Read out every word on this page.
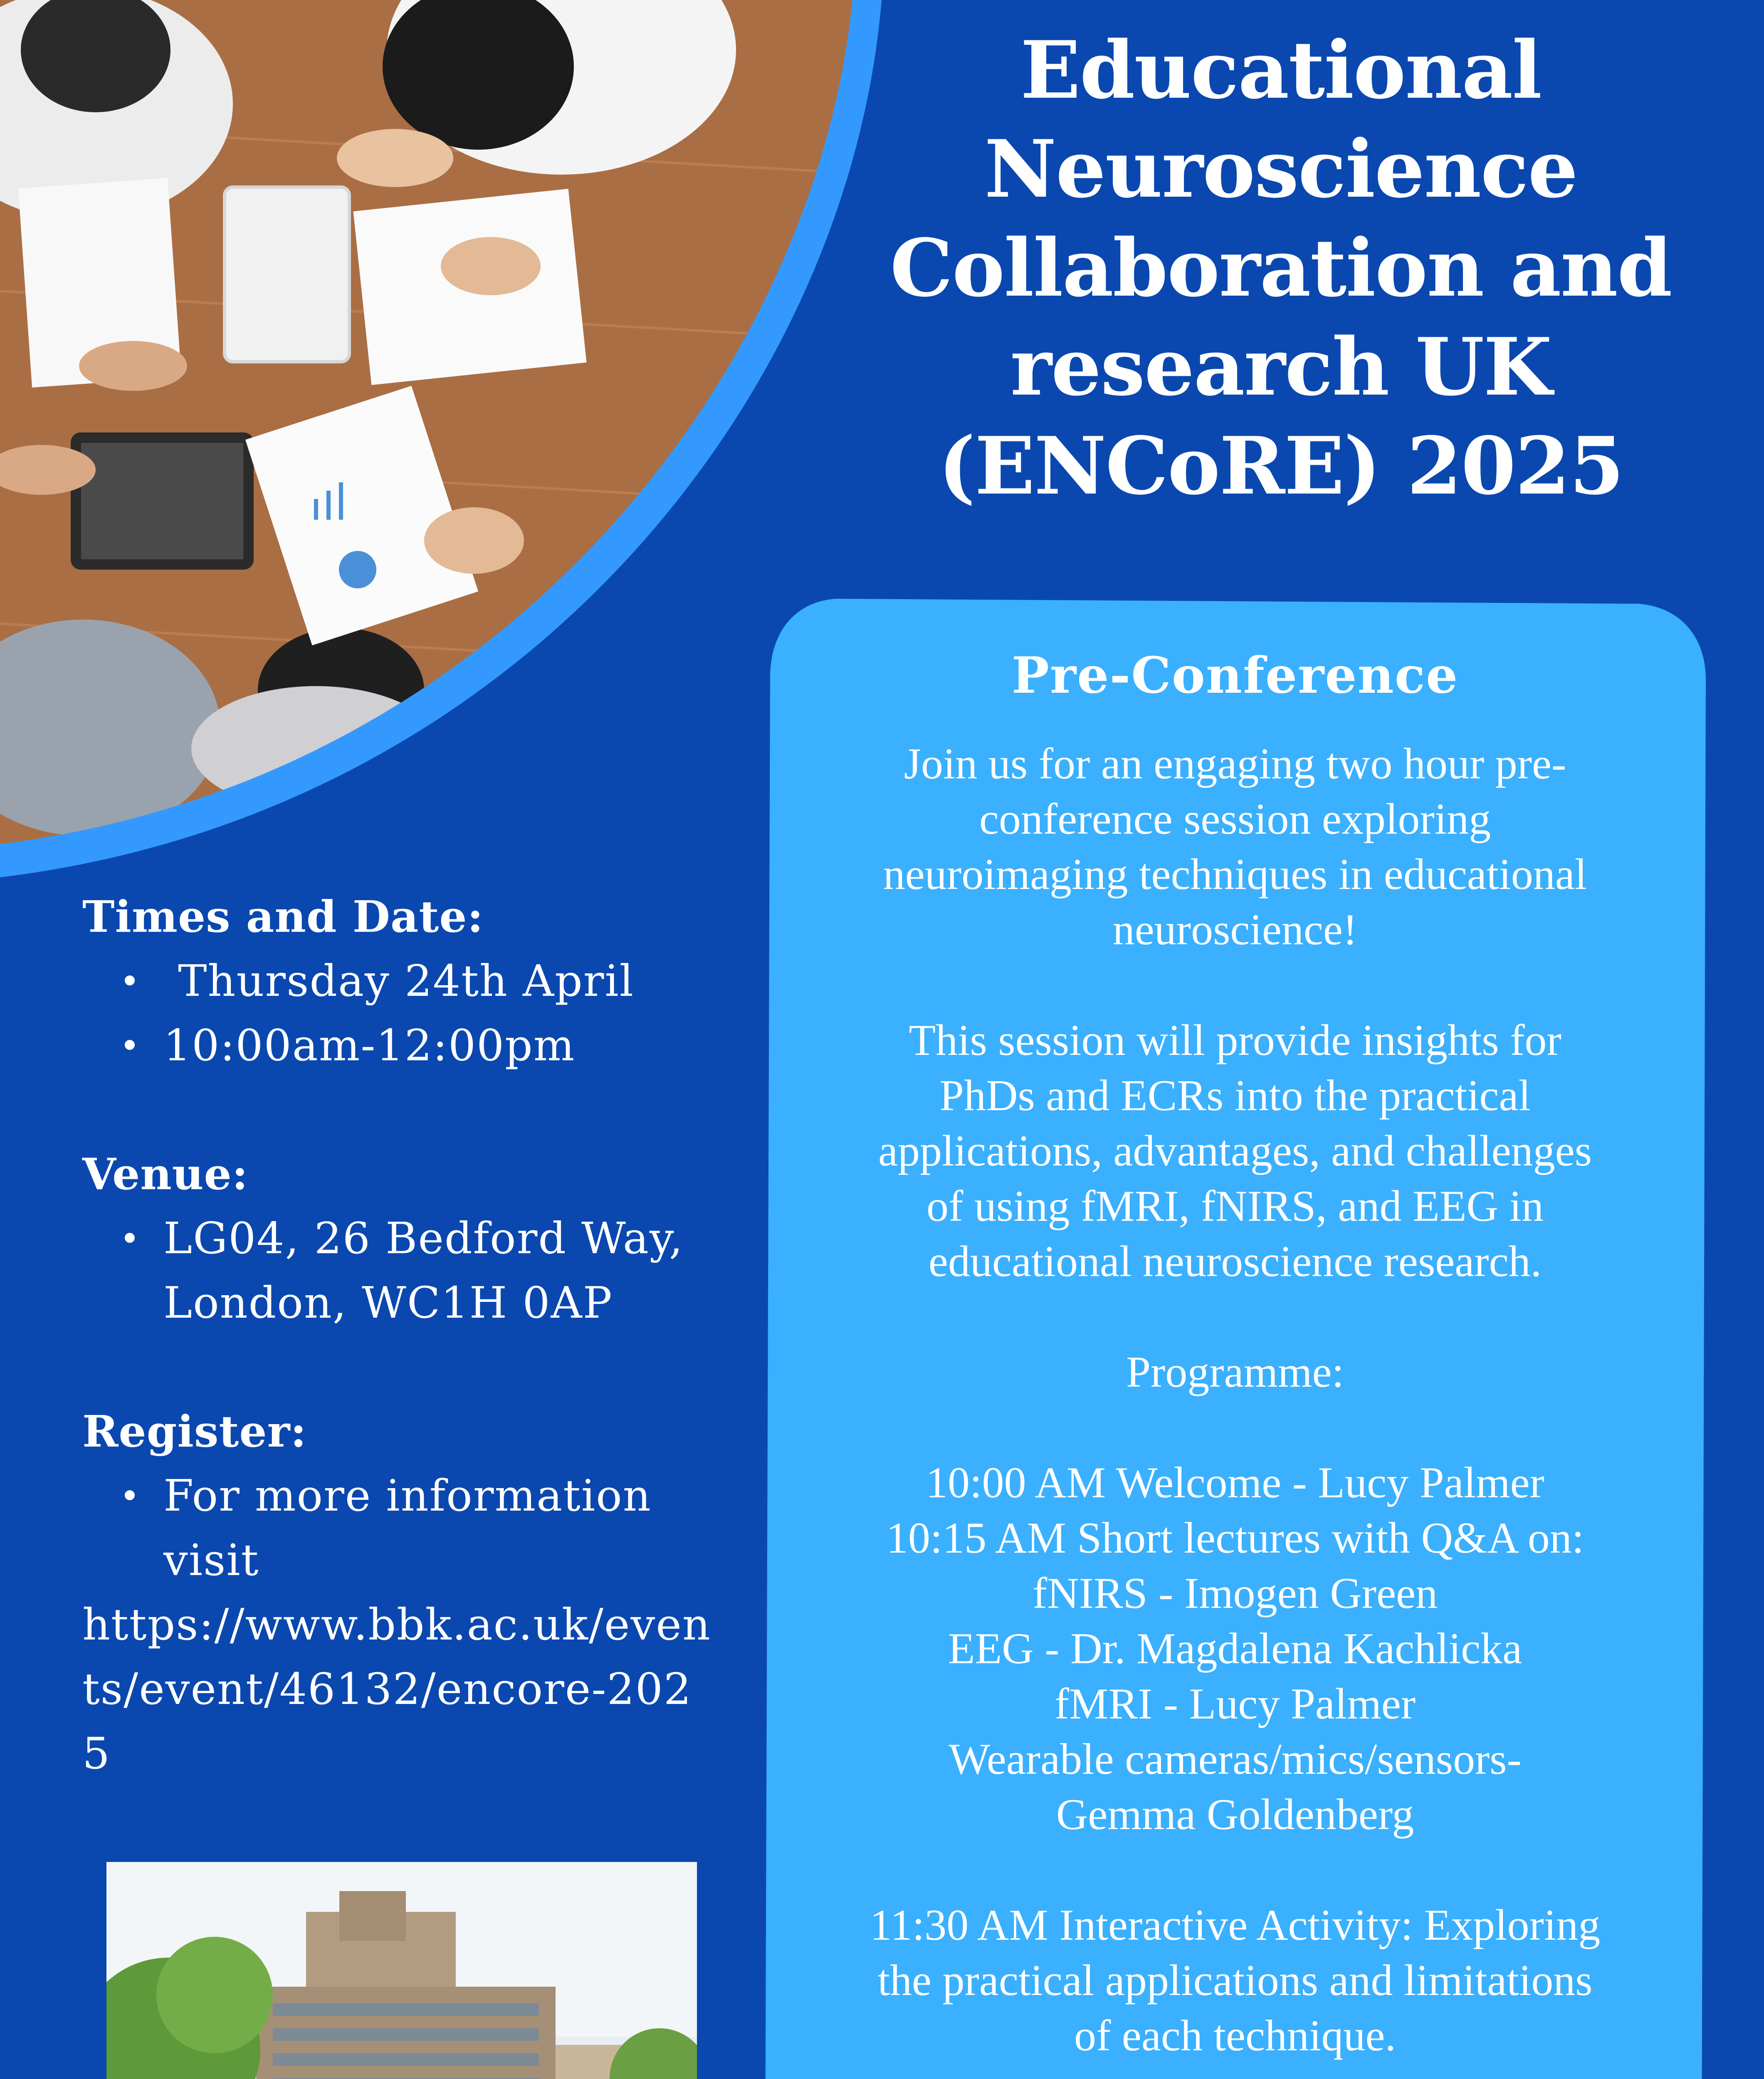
Educational
Neuroscience
Collaboration and
research UK
(ENCoRE) 2025
Times and Date:
Thursday 24th April
10:00am-12:00pm
Venue:
LG04, 26 Bedford Way, London, WC1H 0AP
Register:
For more information visit
https://www.bbk.ac.uk/events/event/46132/encore-2025
Pre-Conference
Join us for an engaging two hour pre-
conference session exploring
neuroimaging techniques in educational
neuroscience!
This session will provide insights for
PhDs and ECRs into the practical
applications, advantages, and challenges
of using fMRI, fNIRS, and EEG in
educational neuroscience research.
Programme:
10:00 AM Welcome - Lucy Palmer
10:15 AM Short lectures with Q&A on:
fNIRS - Imogen Green
EEG - Dr. Magdalena Kachlicka
fMRI - Lucy Palmer
Wearable cameras/mics/sensors-
Gemma Goldenberg
11:30 AM Interactive Activity: Exploring
the practical applications and limitations
of each technique.
